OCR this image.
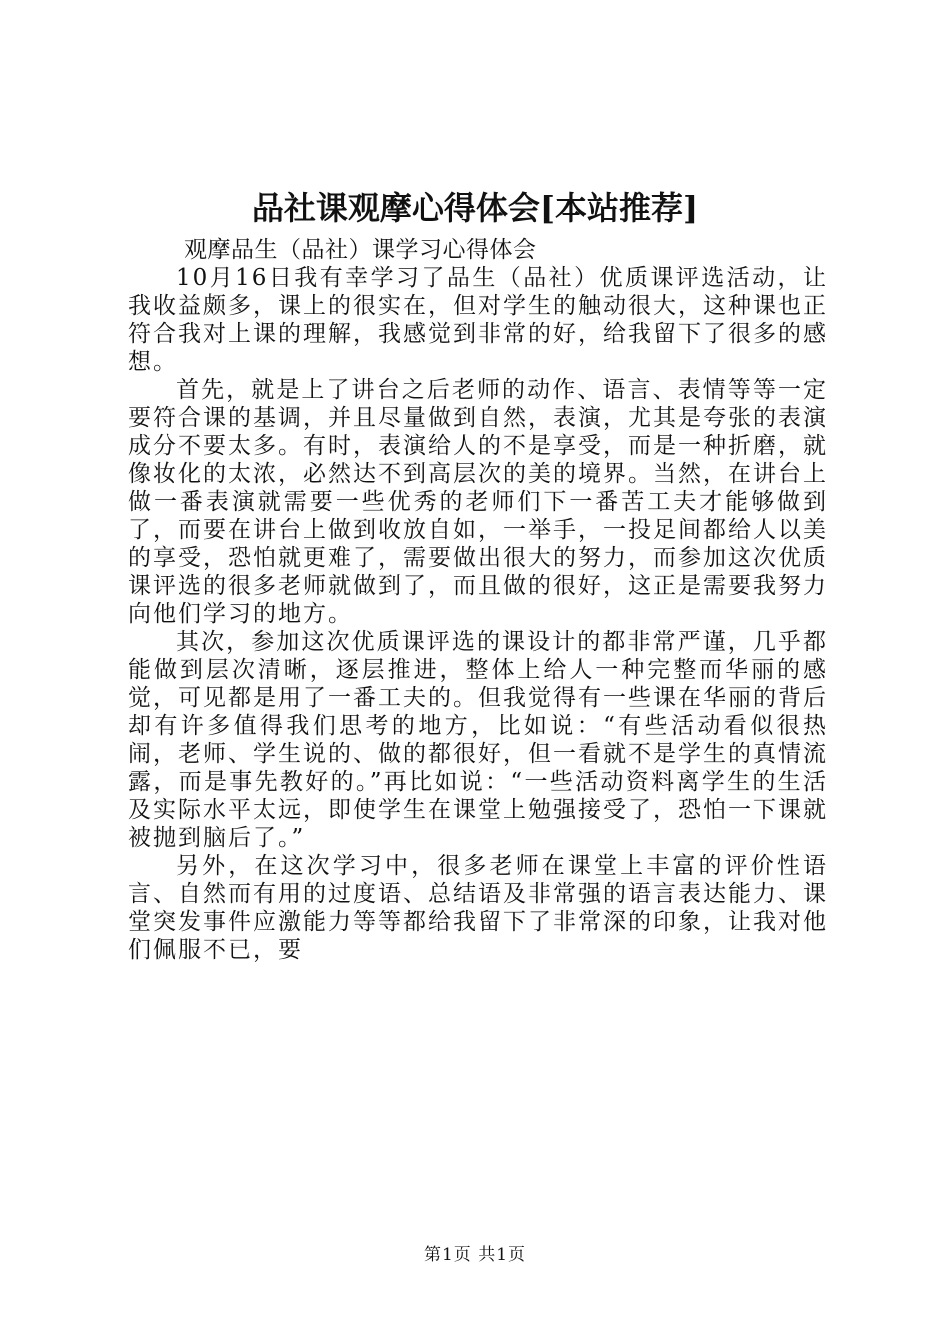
品社课观摩心得体会[本站推荐]

观摩品生（品社）课学习心得体会

10月16日我有幸学习了品生（品社）优质课评选活动，让我收益颇多，课上的很实在，但对学生的触动很大，这种课也正符合我对上课的理解，我感觉到非常的好，给我留下了很多的感想。

首先，就是上了讲台之后老师的动作、语言、表情等等一定要符合课的基调，并且尽量做到自然，表演，尤其是夸张的表演成分不要太多。有时，表演给人的不是享受，而是一种折磨，就像妆化的太浓，必然达不到高层次的美的境界。当然，在讲台上做一番表演就需要一些优秀的老师们下一番苦工夫才能够做到了，而要在讲台上做到收放自如，一举手，一投足间都给人以美的享受，恐怕就更难了，需要做出很大的努力，而参加这次优质课评选的很多老师就做到了，而且做的很好，这正是需要我努力向他们学习的地方。

其次，参加这次优质课评选的课设计的都非常严谨，几乎都能做到层次清晰，逐层推进，整体上给人一种完整而华丽的感觉，可见都是用了一番工夫的。但我觉得有一些课在华丽的背后却有许多值得我们思考的地方，比如说：“有些活动看似很热闹，老师、学生说的、做的都很好，但一看就不是学生的真情流露，而是事先教好的。”再比如说：“一些活动资料离学生的生活及实际水平太远，即使学生在课堂上勉强接受了，恐怕一下课就被抛到脑后了。”

另外，在这次学习中，很多老师在课堂上丰富的评价性语言、自然而有用的过度语、总结语及非常强的语言表达能力、课堂突发事件应激能力等等都给我留下了非常深的印象，让我对他们佩服不已，要

第1页 共1页
